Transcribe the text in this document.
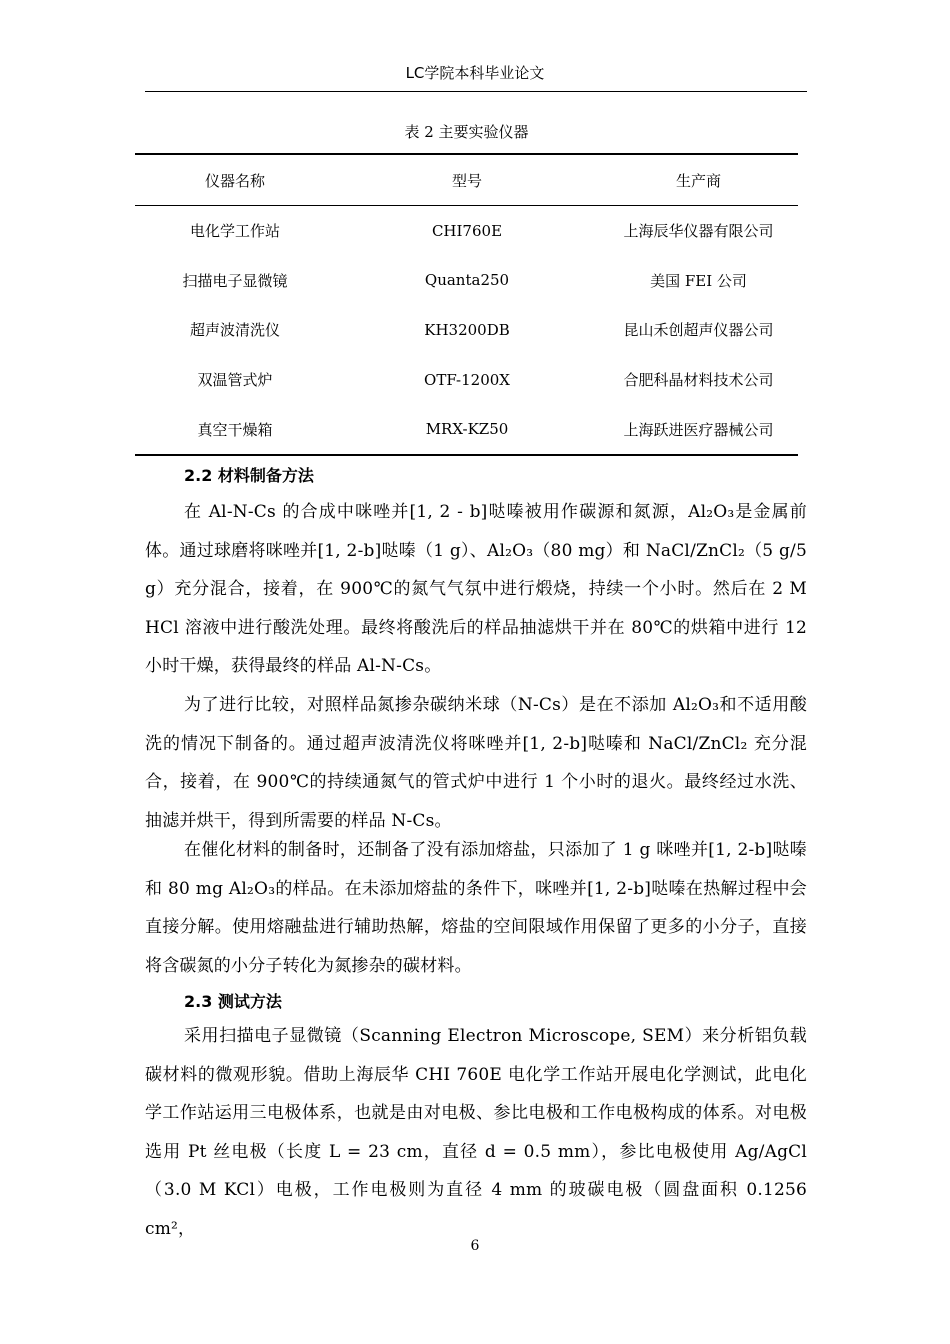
LC学院本科毕业论文
表 2 主要实验仪器
仪器名称	型号	生产商
电化学工作站	CHI760E	上海辰华仪器有限公司
扫描电子显微镜	Quanta250	美国 FEI 公司
超声波清洗仪	KH3200DB	昆山禾创超声仪器公司
双温管式炉	OTF-1200X	合肥科晶材料技术公司
真空干燥箱	MRX-KZ50	上海跃进医疗器械公司
2.2 材料制备方法
在 Al-N-Cs 的合成中咪唑并[1, 2 - b]哒嗪被用作碳源和氮源，Al₂O₃是金属前体。通过球磨将咪唑并[1, 2-b]哒嗪（1 g）、Al₂O₃（80 mg）和 NaCl/ZnCl₂（5 g/5 g）充分混合，接着，在 900℃的氮气气氛中进行煅烧，持续一个小时。然后在 2 M HCl 溶液中进行酸洗处理。最终将酸洗后的样品抽滤烘干并在 80℃的烘箱中进行 12 小时干燥，获得最终的样品 Al-N-Cs。
为了进行比较，对照样品氮掺杂碳纳米球（N-Cs）是在不添加 Al₂O₃和不适用酸洗的情况下制备的。通过超声波清洗仪将咪唑并[1, 2-b]哒嗪和 NaCl/ZnCl₂ 充分混合，接着，在 900℃的持续通氮气的管式炉中进行 1 个小时的退火。最终经过水洗、抽滤并烘干，得到所需要的样品 N-Cs。
在催化材料的制备时，还制备了没有添加熔盐，只添加了 1 g 咪唑并[1, 2-b]哒嗪和 80 mg Al₂O₃的样品。在未添加熔盐的条件下，咪唑并[1, 2-b]哒嗪在热解过程中会直接分解。使用熔融盐进行辅助热解，熔盐的空间限域作用保留了更多的小分子，直接将含碳氮的小分子转化为氮掺杂的碳材料。
2.3 测试方法
采用扫描电子显微镜（Scanning Electron Microscope, SEM）来分析铝负载碳材料的微观形貌。借助上海辰华 CHI 760E 电化学工作站开展电化学测试，此电化学工作站运用三电极体系，也就是由对电极、参比电极和工作电极构成的体系。对电极选用 Pt 丝电极（长度 L = 23 cm，直径 d = 0.5 mm），参比电极使用 Ag/AgCl（3.0 M KCl）电极，工作电极则为直径 4 mm 的玻碳电极（圆盘面积 0.1256 cm²，
6
